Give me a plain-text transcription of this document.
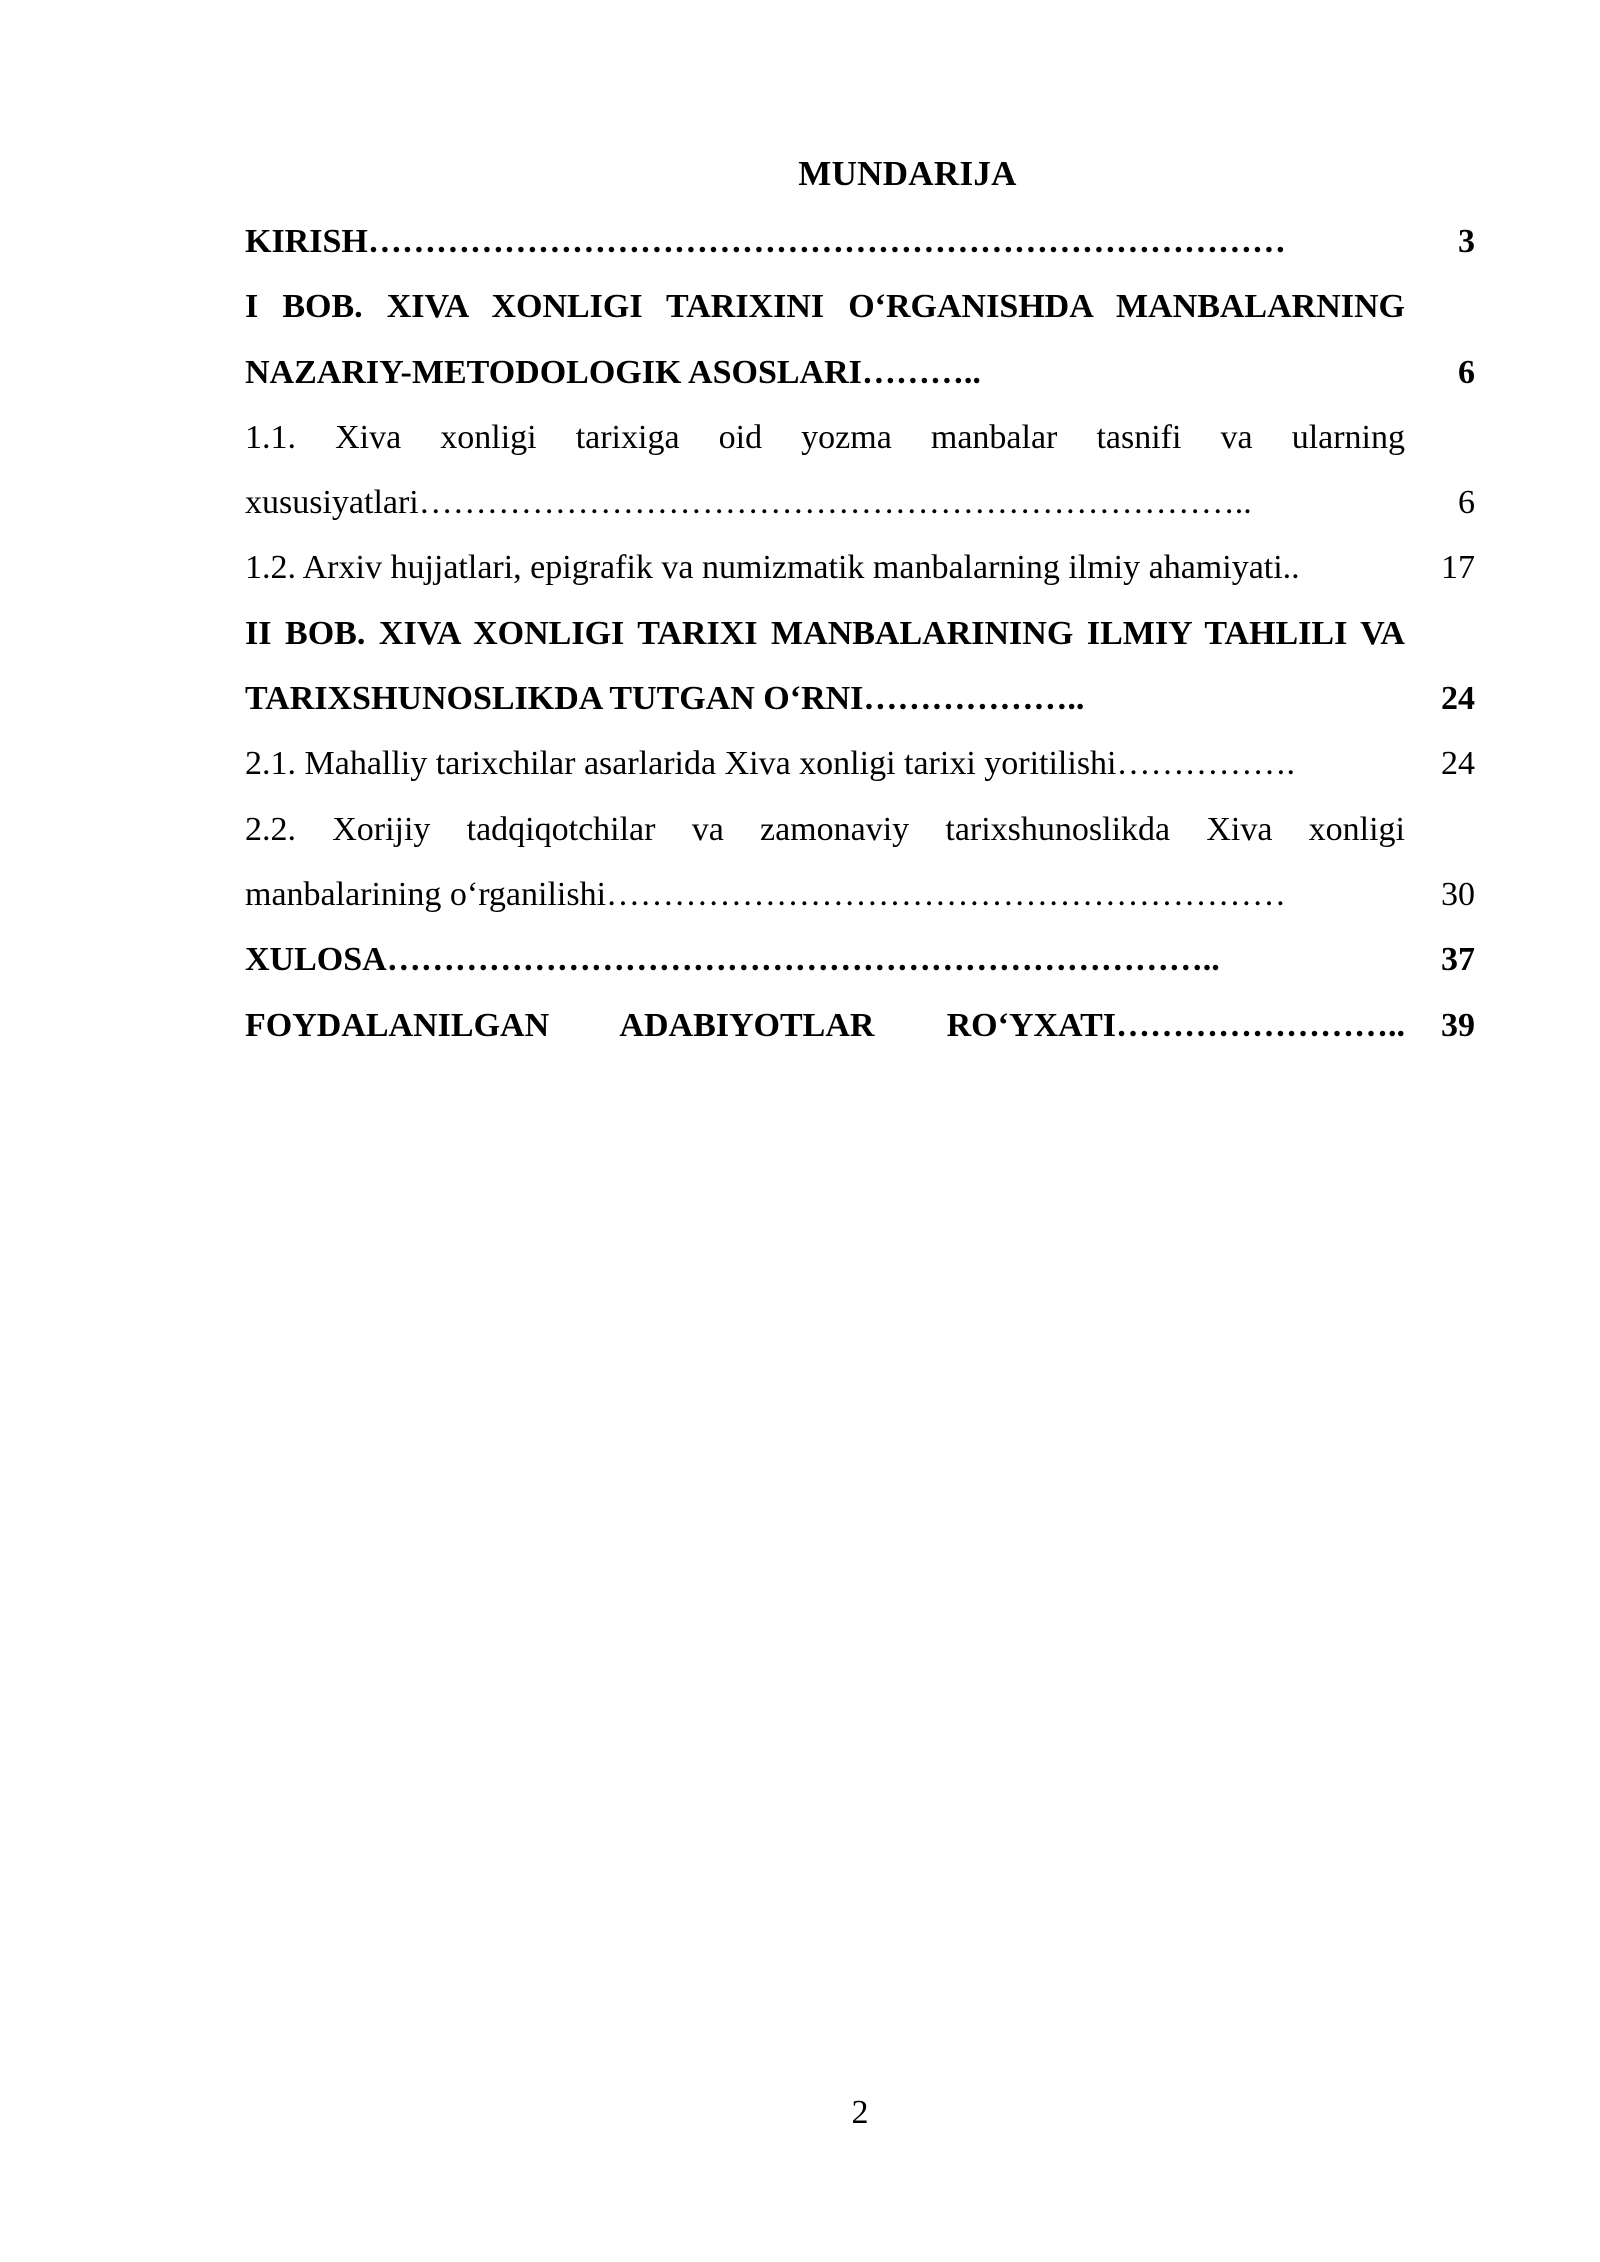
MUNDARIJA
KIRISH………………………………………………………………………	3
I BOB. XIVA XONLIGI TARIXINI O‘RGANISHDA MANBALARNING NAZARIY-METODOLOGIK ASOSLARI………..	6
1.1. Xiva xonligi tarixiga oid yozma manbalar tasnifi va ularning xususiyatlari………………………………………………………………..	6
1.2. Arxiv hujjatlari, epigrafik va numizmatik manbalarning ilmiy ahamiyati..	17
II BOB. XIVA XONLIGI TARIXI MANBALARINING ILMIY TAHLILI VA TARIXSHUNOSLIKDA TUTGAN O‘RNI………………..	24
2.1. Mahalliy tarixchilar asarlarida Xiva xonligi tarixi yoritilishi…………….	24
2.2. Xorijiy tadqiqotchilar va zamonaviy tarixshunoslikda Xiva xonligi manbalarining o‘rganilishi……………………………………………………	30
XULOSA………………………………………………………………..	37
FOYDALANILGAN ADABIYOTLAR RO‘YXATI……………………..	39
2
